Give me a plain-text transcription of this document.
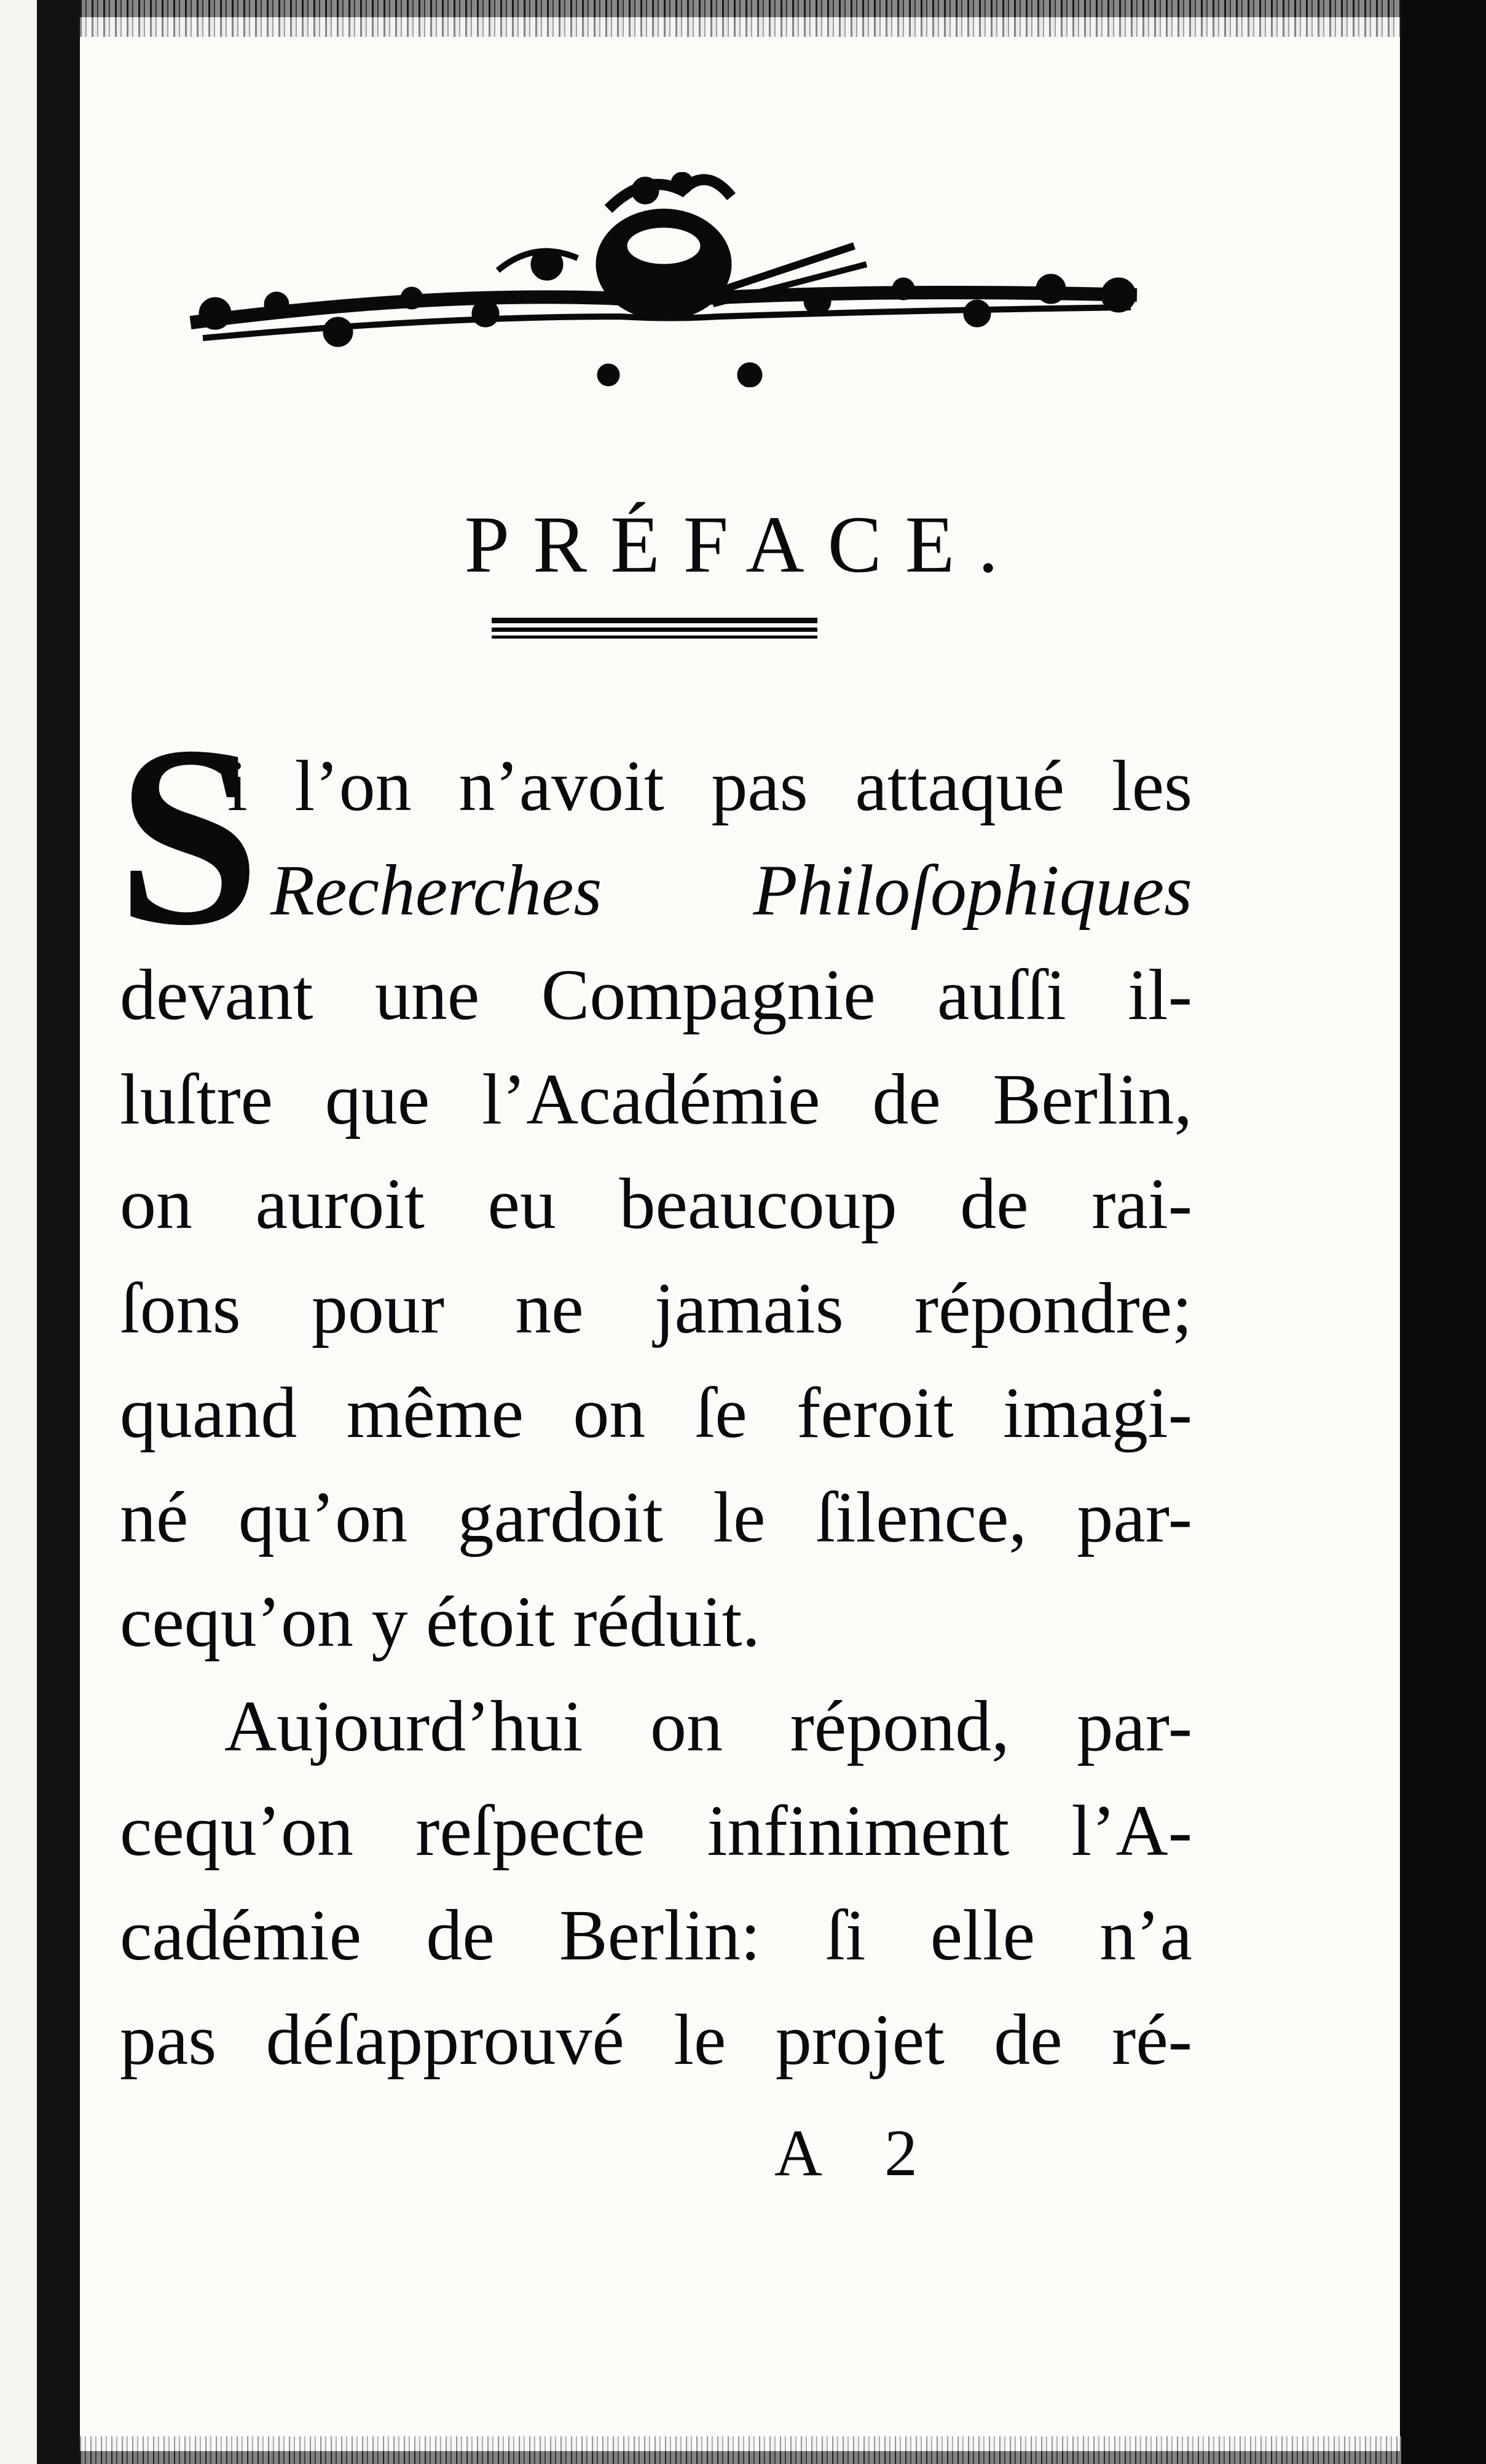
PRÉFACE.
S
i l’on n’avoit pas attaqué les
Recherches Philoſophiques
devant une Compagnie auſſi il-
luſtre que l’Académie de Berlin,
on auroit eu beaucoup de rai-
ſons pour ne jamais répondre;
quand même on ſe feroit imagi-
né qu’on gardoit le ſilence, par-
cequ’on y étoit réduit.
Aujourd’hui on répond, par-
cequ’on reſpecte infiniment l’A-
cadémie de Berlin: ſi elle n’a
pas déſapprouvé le projet de ré-
A 2
